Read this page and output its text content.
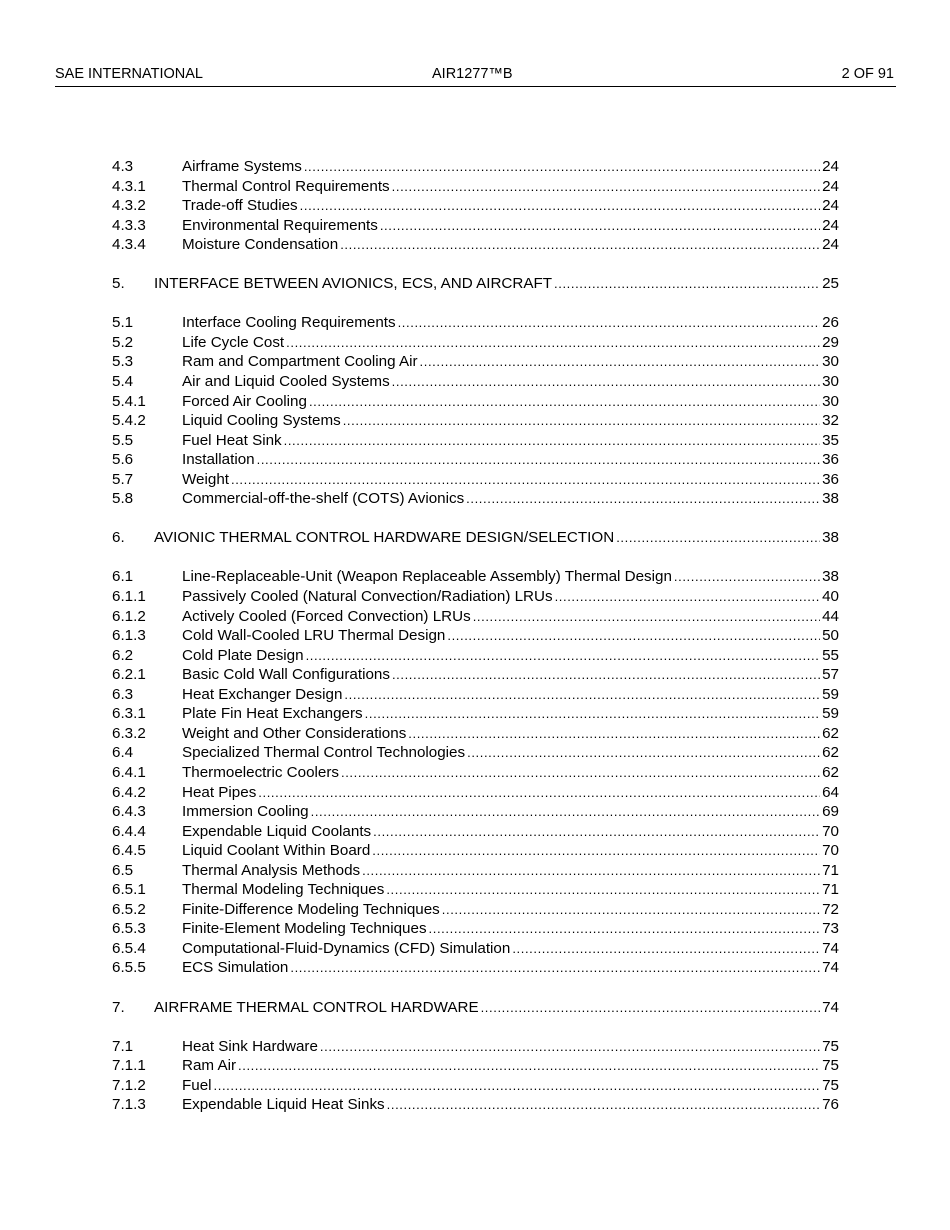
SAE INTERNATIONAL	AIR1277™B	2 OF 91
4.3	Airframe Systems .....	24
4.3.1 Thermal Control Requirements .....	24
4.3.2 Trade-off Studies .....	24
4.3.3 Environmental Requirements .....	24
4.3.4 Moisture Condensation .....	24
5. INTERFACE BETWEEN AVIONICS, ECS, AND AIRCRAFT .....	25
5.1	Interface Cooling Requirements .....	26
5.2	Life Cycle Cost .....	29
5.3	Ram and Compartment Cooling Air .....	30
5.4	Air and Liquid Cooled Systems .....	30
5.4.1 Forced Air Cooling .....	30
5.4.2 Liquid Cooling Systems .....	32
5.5	Fuel Heat Sink .....	35
5.6	Installation .....	36
5.7	Weight .....	36
5.8	Commercial-off-the-shelf (COTS) Avionics .....	38
6. AVIONIC THERMAL CONTROL HARDWARE DESIGN/SELECTION .....	38
6.1	Line-Replaceable-Unit (Weapon Replaceable Assembly) Thermal Design .....	38
6.1.1 Passively Cooled (Natural Convection/Radiation) LRUs .....	40
6.1.2 Actively Cooled (Forced Convection) LRUs .....	44
6.1.3 Cold Wall-Cooled LRU Thermal Design .....	50
6.2	Cold Plate Design .....	55
6.2.1 Basic Cold Wall Configurations .....	57
6.3	Heat Exchanger Design .....	59
6.3.1 Plate Fin Heat Exchangers .....	59
6.3.2 Weight and Other Considerations .....	62
6.4	Specialized Thermal Control Technologies .....	62
6.4.1 Thermoelectric Coolers .....	62
6.4.2 Heat Pipes .....	64
6.4.3 Immersion Cooling .....	69
6.4.4 Expendable Liquid Coolants .....	70
6.4.5 Liquid Coolant Within Board .....	70
6.5	Thermal Analysis Methods .....	71
6.5.1 Thermal Modeling Techniques .....	71
6.5.2 Finite-Difference Modeling Techniques .....	72
6.5.3 Finite-Element Modeling Techniques .....	73
6.5.4 Computational-Fluid-Dynamics (CFD) Simulation .....	74
6.5.5 ECS Simulation .....	74
7. AIRFRAME THERMAL CONTROL HARDWARE .....	74
7.1	Heat Sink Hardware .....	75
7.1.1 Ram Air .....	75
7.1.2 Fuel .....	75
7.1.3 Expendable Liquid Heat Sinks .....	76
